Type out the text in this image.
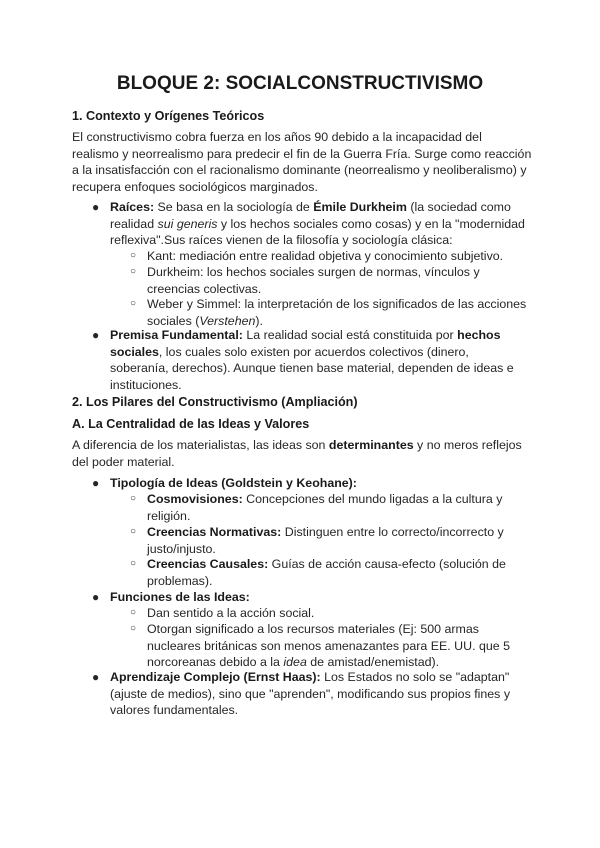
BLOQUE 2: SOCIALCONSTRUCTIVISMO
1. Contexto y Orígenes Teóricos

El constructivismo cobra fuerza en los años 90 debido a la incapacidad del realismo y neorrealismo para predecir el fin de la Guerra Fría. Surge como reacción a la insatisfacción con el racionalismo dominante (neorrealismo y neoliberalismo) y recupera enfoques sociológicos marginados.

● Raíces: Se basa en la sociología de Émile Durkheim (la sociedad como realidad sui generis y los hechos sociales como cosas) y en la "modernidad reflexiva".Sus raíces vienen de la filosofía y sociología clásica:
○ Kant: mediación entre realidad objetiva y conocimiento subjetivo.
○ Durkheim: los hechos sociales surgen de normas, vínculos y creencias colectivas.
○ Weber y Simmel: la interpretación de los significados de las acciones sociales (Verstehen).
● Premisa Fundamental: La realidad social está constituida por hechos sociales, los cuales solo existen por acuerdos colectivos (dinero, soberanía, derechos). Aunque tienen base material, dependen de ideas e instituciones.
2. Los Pilares del Constructivismo (Ampliación)
A. La Centralidad de las Ideas y Valores

A diferencia de los materialistas, las ideas son determinantes y no meros reflejos del poder material.

● Tipología de Ideas (Goldstein y Keohane):
○ Cosmovisiones: Concepciones del mundo ligadas a la cultura y religión.
○ Creencias Normativas: Distinguen entre lo correcto/incorrecto y justo/injusto.
○ Creencias Causales: Guías de acción causa-efecto (solución de problemas).
● Funciones de las Ideas:
○ Dan sentido a la acción social.
○ Otorgan significado a los recursos materiales (Ej: 500 armas nucleares británicas son menos amenazantes para EE. UU. que 5 norcoreanas debido a la idea de amistad/enemistad).
● Aprendizaje Complejo (Ernst Haas): Los Estados no solo se "adaptan" (ajuste de medios), sino que "aprenden", modificando sus propios fines y valores fundamentales.
